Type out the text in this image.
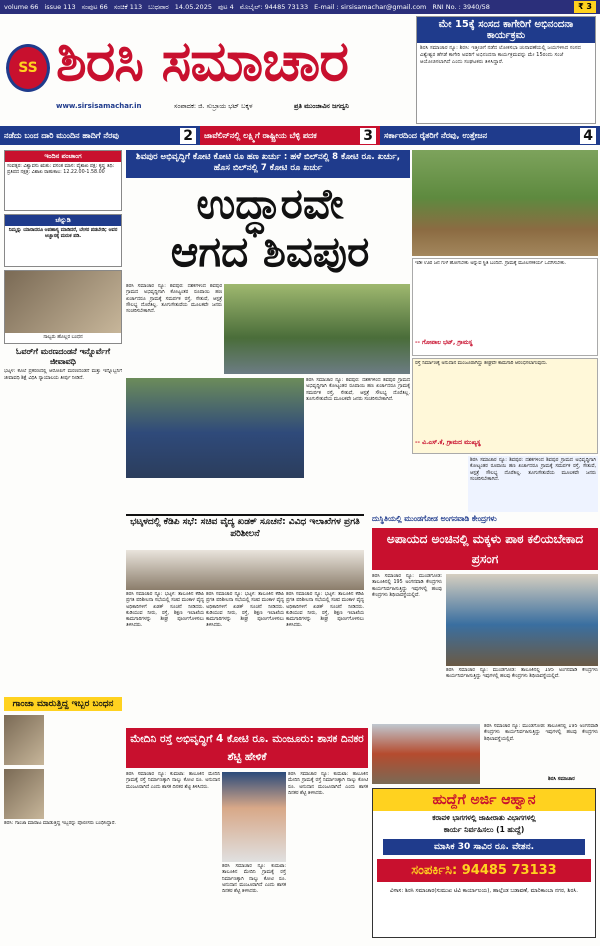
volume 66 issue 113 ಸಂಪುಟ 66 ಸಂಚಿಕೆ 113 ಬುಧವಾರ 14.05.2025 ಪುಟ 4 ಮೊಬೈಲ್: 94485 73133 E-mail : sirsisamachar@gmail.com RNI No. : 3940/58	₹ 3
SS ಶಿರಸಿ ಸಮಾಚಾರ
www.sirsisamachar.in	ಸಂಪಾದಕ: ಜಿ. ಸುಬ್ರಾಯ ಭಟ್ ಬಕ್ಕಳ	ಪ್ರತಿ ಮುಂಜಾವಿನ ಜಗದ್ವನಿ
ಮೇ 15ಕ್ಕೆ ಸಂಸದ ಕಾಗೇರಿಗೆ ಅಭಿನಂದನಾ ಕಾರ್ಯಕ್ರಮ
ಶಿರಸಿ ಸಮಾಚಾರ ನ್ಯೂ: ಶಿರಸಿ: ಇತ್ತೀಚಿಗೆ ನಡೆದ ಲೋಕಸಭಾ ಚುನಾವಣೆಯಲ್ಲಿ ಜಯಗಳಿಸಿದ ಸಂಸದ ವಿಶ್ವೇಶ್ವರ ಹೆಗಡೆ ಕಾಗೇರಿ ಅವರಿಗೆ ಅಭಿನಂದನಾ ಕಾರ್ಯಕ್ರಮವನ್ನು ಮೇ 15ರಂದು ಸಂಜೆ ಆಯೋಜಿಸಲಾಗಿದೆ ಎಂದು ಸಂಘಟಕರು ತಿಳಿಸಿದ್ದಾರೆ.
ನಡೆದು ಬಂದ ದಾರಿ ಮುಂದಿನ ಹಾದಿಗೆ ನೆರವು	2	ಜಾವೆಲಿನ್‌ನಲ್ಲಿ ಲಕ್ಷ್ಮಿಗೆ ರಾಷ್ಟ್ರೀಯ ಬೆಳ್ಳಿ ಪದಕ	3	ಸರ್ಕಾರದಿಂದ ರೈತರಿಗೆ ನೆರವು, ಉತ್ತೇಜನ	4
ಇಂದಿನ ಪಂಚಾಂಗ
ಸಂವತ್ಸರ: ವಿಶ್ವಾವಸು ಋತು: ವಸಂತ ಮಾಸ: ವೈಶಾಖ ಪಕ್ಷ: ಕೃಷ್ಣ ತಿಥಿ: ಪ್ರತಿಪದ ನಕ್ಷತ್ರ: ವಿಶಾಖ ರಾಹುಕಾಲ: 12.22.00-1.58.00
ಚೆನ್ನುಡಿ
ನಿಮ್ಮನ್ನು ಯಾರಾದರೂ ಅಪಹಾಸ್ಯ ಮಾಡಿದರೆ, ಬೇಸರ ಪಡಬೇಡಿ; ಅವರ ಅಜ್ಞಾನಕ್ಕೆ ಮರುಕ ಪಡಿ.
ನಾಲ್ವರು ಹೊಲ್ಲರ ಬಂಧನ
ಓವರ್‌ಗೆ ಮರಣದಂಡನೆ ಇನ್ನೊರ್ವೆಗೆ ಜೀವಾವಧಿ
ಭಟ್ಕಳ: ಕೊಲೆ ಪ್ರಕರಣದಲ್ಲಿ ಆರೋಪಿಗೆ ಮರಣದಂಡನೆ ಮತ್ತು ಇನ್ನೊಬ್ಬನಿಗೆ ಜೀವಾವಧಿ ಶಿಕ್ಷೆ ವಿಧಿಸಿ ನ್ಯಾಯಾಲಯ ತೀರ್ಪು ನೀಡಿದೆ.
ಗಾಂಜಾ ಮಾರುತ್ತಿದ್ದ ಇಬ್ಬರ ಬಂಧನ
ಶಿರಸಿ: ಗಾಂಜಾ ಮಾರಾಟ ಮಾಡುತ್ತಿದ್ದ ಇಬ್ಬರನ್ನು ಪೊಲೀಸರು ಬಂಧಿಸಿದ್ದಾರೆ.
ಶಿವಪುರ ಅಭಿವೃದ್ಧಿಗೆ ಕೋಟಿ ಕೋಟಿ ರೂ ಹಣ ಖರ್ಚು : ಹಳೆ ಬಿಲ್‌ನಲ್ಲಿ 8 ಕೋಟಿ ರೂ. ಖರ್ಚು, ಹೊಸ ಬಿಲ್‌ನಲ್ಲಿ 7 ಕೋಟಿ ರೂ ಖರ್ಚು
ಉದ್ಧಾರವೇ
ಆಗದ ಶಿವಪುರ
ಶಿರಸಿ ಸಮಾಚಾರ ನ್ಯೂ: ಶಿವಪುರ: ದಶಕಗಳಿಂದ ಶಿವಪುರ ಗ್ರಾಮದ ಅಭಿವೃದ್ಧಿಗಾಗಿ ಕೋಟ್ಯಂತರ ರೂಪಾಯಿ ಹಣ ಖರ್ಚಾದರೂ ಗ್ರಾಮಕ್ಕೆ ಸಮರ್ಪಕ ರಸ್ತೆ, ಸೇತುವೆ, ಆಸ್ಪತ್ರೆ ಸೌಲಭ್ಯ ದೊರೆತಿಲ್ಲ. ತೂಗುಸೇತುವೆಯ ಮೂಲಕವೇ ಜನರು ಸಂಚರಿಸಬೇಕಾಗಿದೆ.
ಶಿರಸಿ ಸಮಾಚಾರ ನ್ಯೂ: ಶಿವಪುರ: ದಶಕಗಳಿಂದ ಶಿವಪುರ ಗ್ರಾಮದ ಅಭಿವೃದ್ಧಿಗಾಗಿ ಕೋಟ್ಯಂತರ ರೂಪಾಯಿ ಹಣ ಖರ್ಚಾದರೂ ಗ್ರಾಮಕ್ಕೆ ಸಮರ್ಪಕ ರಸ್ತೆ, ಸೇತುವೆ, ಆಸ್ಪತ್ರೆ ಸೌಲಭ್ಯ ದೊರೆತಿಲ್ಲ. ತೂಗುಸೇತುವೆಯ ಮೂಲಕವೇ ಜನರು ಸಂಚರಿಸಬೇಕಾಗಿದೆ.
ಇಡೀ ಊರ ಜನ ಗುಳೆ ಹೋಗಬೇಕು ಅನ್ನುವ ಸ್ಥಿತಿ ಬಂದಿದೆ. ಗ್ರಾಮಕ್ಕೆ ಮೂಲಸೌಕರ್ಯ ಒದಗಿಸಬೇಕು.
-- ಗೋಪಾಲ ಭಟ್, ಗ್ರಾಮಸ್ಥ
ರಸ್ತೆ ನಿರ್ಮಾಣಕ್ಕೆ ಅನುದಾನ ಮಂಜೂರಾಗಿದ್ದು ಶೀಘ್ರವೇ ಕಾಮಗಾರಿ ಆರಂಭಿಸಲಾಗುವುದು.
-- ವಿ.ಎಸ್.ಕೆ, ಗ್ರಾಮದ ಮುಖ್ಯಸ್ಥ
ಶಿರಸಿ ಸಮಾಚಾರ ನ್ಯೂ: ಶಿವಪುರ: ದಶಕಗಳಿಂದ ಶಿವಪುರ ಗ್ರಾಮದ ಅಭಿವೃದ್ಧಿಗಾಗಿ ಕೋಟ್ಯಂತರ ರೂಪಾಯಿ ಹಣ ಖರ್ಚಾದರೂ ಗ್ರಾಮಕ್ಕೆ ಸಮರ್ಪಕ ರಸ್ತೆ, ಸೇತುವೆ, ಆಸ್ಪತ್ರೆ ಸೌಲಭ್ಯ ದೊರೆತಿಲ್ಲ. ತೂಗುಸೇತುವೆಯ ಮೂಲಕವೇ ಜನರು ಸಂಚರಿಸಬೇಕಾಗಿದೆ.
ಭಟ್ಕಳದಲ್ಲಿ ಕೆಡಿಪಿ ಸಭೆ: ಸಚಿವ ವೈದ್ಯ ಖಡಕ್ ಸೂಚನೆ: ವಿವಿಧ ಇಲಾಖೆಗಳ ಪ್ರಗತಿ ಪರಿಶೀಲನೆ
ಶಿರಸಿ ಸಮಾಚಾರ ನ್ಯೂ: ಭಟ್ಕಳ: ತಾಲೂಕಿನ ಕೆಡಿಪಿ ಪ್ರಗತಿ ಪರಿಶೀಲನಾ ಸಭೆಯಲ್ಲಿ ಸಚಿವ ಮಂಕಾಳ ವೈದ್ಯ ಅಧಿಕಾರಿಗಳಿಗೆ ಖಡಕ್ ಸೂಚನೆ ನೀಡಿದರು. ಕುಡಿಯುವ ನೀರು, ರಸ್ತೆ, ಶಿಕ್ಷಣ ಇಲಾಖೆಯ ಕಾಮಗಾರಿಗಳನ್ನು ಶೀಘ್ರ ಪೂರ್ಣಗೊಳಿಸಲು ತಿಳಿಸಿದರು.
ಶಿರಸಿ ಸಮಾಚಾರ ನ್ಯೂ: ಭಟ್ಕಳ: ತಾಲೂಕಿನ ಕೆಡಿಪಿ ಪ್ರಗತಿ ಪರಿಶೀಲನಾ ಸಭೆಯಲ್ಲಿ ಸಚಿವ ಮಂಕಾಳ ವೈದ್ಯ ಅಧಿಕಾರಿಗಳಿಗೆ ಖಡಕ್ ಸೂಚನೆ ನೀಡಿದರು. ಕುಡಿಯುವ ನೀರು, ರಸ್ತೆ, ಶಿಕ್ಷಣ ಇಲಾಖೆಯ ಕಾಮಗಾರಿಗಳನ್ನು ಶೀಘ್ರ ಪೂರ್ಣಗೊಳಿಸಲು ತಿಳಿಸಿದರು.
ಶಿರಸಿ ಸಮಾಚಾರ ನ್ಯೂ: ಭಟ್ಕಳ: ತಾಲೂಕಿನ ಕೆಡಿಪಿ ಪ್ರಗತಿ ಪರಿಶೀಲನಾ ಸಭೆಯಲ್ಲಿ ಸಚಿವ ಮಂಕಾಳ ವೈದ್ಯ ಅಧಿಕಾರಿಗಳಿಗೆ ಖಡಕ್ ಸೂಚನೆ ನೀಡಿದರು. ಕುಡಿಯುವ ನೀರು, ರಸ್ತೆ, ಶಿಕ್ಷಣ ಇಲಾಖೆಯ ಕಾಮಗಾರಿಗಳನ್ನು ಶೀಘ್ರ ಪೂರ್ಣಗೊಳಿಸಲು ತಿಳಿಸಿದರು.
ದುಸ್ಥಿತಿಯಲ್ಲಿ ಮುಂಡಗೋಡ ಅಂಗನವಾಡಿ ಕೇಂದ್ರಗಳು
ಅಪಾಯದ ಅಂಚಿನಲ್ಲಿ ಮಕ್ಕಳು ಪಾಠ ಕಲಿಯಬೇಕಾದ ಪ್ರಸಂಗ
ಶಿರಸಿ ಸಮಾಚಾರ ನ್ಯೂ: ಮುಂಡಗೋಡ: ತಾಲೂಕಿನಲ್ಲಿ 195 ಅಂಗನವಾಡಿ ಕೇಂದ್ರಗಳು ಕಾರ್ಯನಿರ್ವಹಿಸುತ್ತಿದ್ದು ಇವುಗಳಲ್ಲಿ ಹಲವು ಕೇಂದ್ರಗಳು ಶಿಥಿಲಾವಸ್ಥೆಯಲ್ಲಿವೆ.
ಶಿರಸಿ ಸಮಾಚಾರ ನ್ಯೂ: ಮುಂಡಗೋಡ: ತಾಲೂಕಿನಲ್ಲಿ 195 ಅಂಗನವಾಡಿ ಕೇಂದ್ರಗಳು ಕಾರ್ಯನಿರ್ವಹಿಸುತ್ತಿದ್ದು ಇವುಗಳಲ್ಲಿ ಹಲವು ಕೇಂದ್ರಗಳು ಶಿಥಿಲಾವಸ್ಥೆಯಲ್ಲಿವೆ.
ಶಿರಸಿ ಸಮಾಚಾರ ನ್ಯೂ: ಮುಂಡಗೋಡ: ತಾಲೂಕಿನಲ್ಲಿ 195 ಅಂಗನವಾಡಿ ಕೇಂದ್ರಗಳು ಕಾರ್ಯನಿರ್ವಹಿಸುತ್ತಿದ್ದು ಇವುಗಳಲ್ಲಿ ಹಲವು ಕೇಂದ್ರಗಳು ಶಿಥಿಲಾವಸ್ಥೆಯಲ್ಲಿವೆ.
ಶಿರಸಿ ಸಮಾಚಾರ
ಮೇದಿನಿ ರಸ್ತೆ ಅಭಿವೃದ್ಧಿಗೆ 4 ಕೋಟಿ ರೂ. ಮಂಜೂರು: ಶಾಸಕ ದಿನಕರ ಶೆಟ್ಟಿ ಹೇಳಿಕೆ
ಶಿರಸಿ ಸಮಾಚಾರ ನ್ಯೂ: ಕುಮಟಾ: ತಾಲೂಕಿನ ಮೇದಿನಿ ಗ್ರಾಮಕ್ಕೆ ರಸ್ತೆ ನಿರ್ಮಾಣಕ್ಕಾಗಿ ನಾಲ್ಕು ಕೋಟಿ ರೂ. ಅನುದಾನ ಮಂಜೂರಾಗಿದೆ ಎಂದು ಶಾಸಕ ದಿನಕರ ಶೆಟ್ಟಿ ತಿಳಿಸಿದರು.
ಶಿರಸಿ ಸಮಾಚಾರ ನ್ಯೂ: ಕುಮಟಾ: ತಾಲೂಕಿನ ಮೇದಿನಿ ಗ್ರಾಮಕ್ಕೆ ರಸ್ತೆ ನಿರ್ಮಾಣಕ್ಕಾಗಿ ನಾಲ್ಕು ಕೋಟಿ ರೂ. ಅನುದಾನ ಮಂಜೂರಾಗಿದೆ ಎಂದು ಶಾಸಕ ದಿನಕರ ಶೆಟ್ಟಿ ತಿಳಿಸಿದರು.
ಶಿರಸಿ ಸಮಾಚಾರ ನ್ಯೂ: ಕುಮಟಾ: ತಾಲೂಕಿನ ಮೇದಿನಿ ಗ್ರಾಮಕ್ಕೆ ರಸ್ತೆ ನಿರ್ಮಾಣಕ್ಕಾಗಿ ನಾಲ್ಕು ಕೋಟಿ ರೂ. ಅನುದಾನ ಮಂಜೂರಾಗಿದೆ ಎಂದು ಶಾಸಕ ದಿನಕರ ಶೆಟ್ಟಿ ತಿಳಿಸಿದರು.	ಹುದ್ದೆಗೆ ಅರ್ಜಿ ಆಹ್ವಾನ
ಕರಾವಳಿ ಭಾಗಗಳಲ್ಲಿ ಜಾಹೀರಾತು ವಿಭಾಗಗಳಲ್ಲಿ
ಕಾರ್ಯ ನಿರ್ವಹಿಸಲು (1 ಹುದ್ದೆ)
ಮಾಸಿಕ 30 ಸಾವಿರ ರೂ. ವೇತನ.
ಸಂಪರ್ಕಿಸಿ: 94485 73133
ವಿಳಾಸ: ಶಿರಸಿ ಸಮಾಚಾರ(ಸುಮುಖ ಟಿವಿ ಕಾರ್ಯಾಲಯ), ಹಾಲ್ಗೆಂಡ ಬಡಾವಣೆ, ಮಾರಿಕಾಂಬಾ ನಗರ, ಶಿರಸಿ.
